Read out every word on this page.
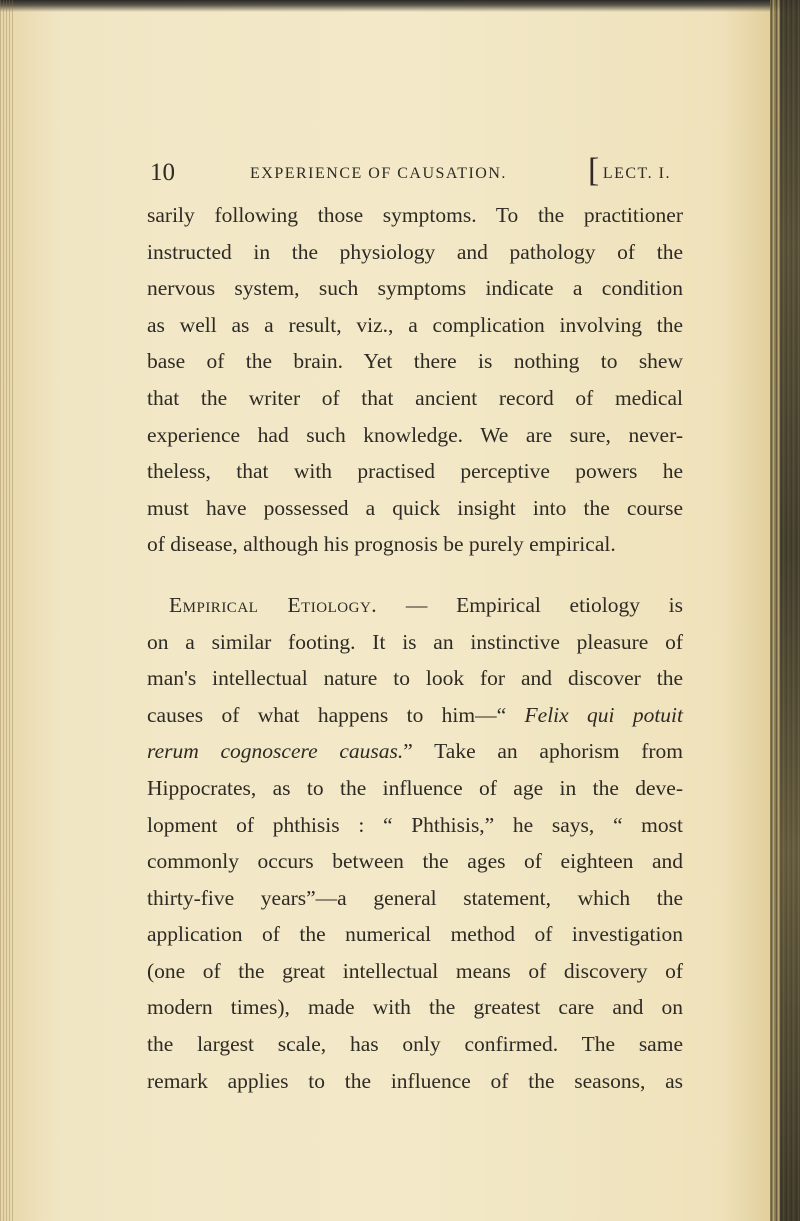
10	EXPERIENCE OF CAUSATION. [ LECT. I.
sarily following those symptoms. To the practitioner
instructed in the physiology and pathology of the
nervous system, such symptoms indicate a condition
as well as a result, viz., a complication involving the
base of the brain. Yet there is nothing to shew
that the writer of that ancient record of medical
experience had such knowledge. We are sure, never-
theless, that with practised perceptive powers he
must have possessed a quick insight into the course
of disease, although his prognosis be purely empirical.
Empirical Etiology. — Empirical etiology is
on a similar footing. It is an instinctive pleasure of
man's intellectual nature to look for and discover the
causes of what happens to him—“ Felix qui potuit
rerum cognoscere causas.” Take an aphorism from
Hippocrates, as to the influence of age in the deve-
lopment of phthisis : “ Phthisis,” he says, “ most
commonly occurs between the ages of eighteen and
thirty-five years”—a general statement, which the
application of the numerical method of investigation
(one of the great intellectual means of discovery of
modern times), made with the greatest care and on
the largest scale, has only confirmed. The same
remark applies to the influence of the seasons, as
